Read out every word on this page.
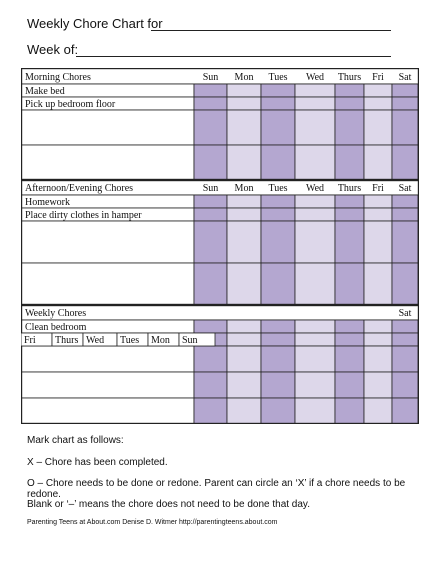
Weekly Chore Chart for
Week of:
Morning Chores	Sun Mon Tues Wed Thurs Fri Sat
Make bed
Pick up bedroom floor
Afternoon/Evening Chores	Sun Mon Tues Wed Thurs Fri Sat
Homework
Place dirty clothes in hamper
Weekly Chores	Sat
Clean bedroom
Fri Thurs Wed Tues Mon Sun
Mark chart as follows:
X – Chore has been completed.
O – Chore needs to be done or redone. Parent can circle an ‘X’ if a chore needs to be redone.
Blank or ‘–’ means the chore does not need to be done that day.
Parenting Teens at About.com Denise D. Witmer http://parentingteens.about.com
